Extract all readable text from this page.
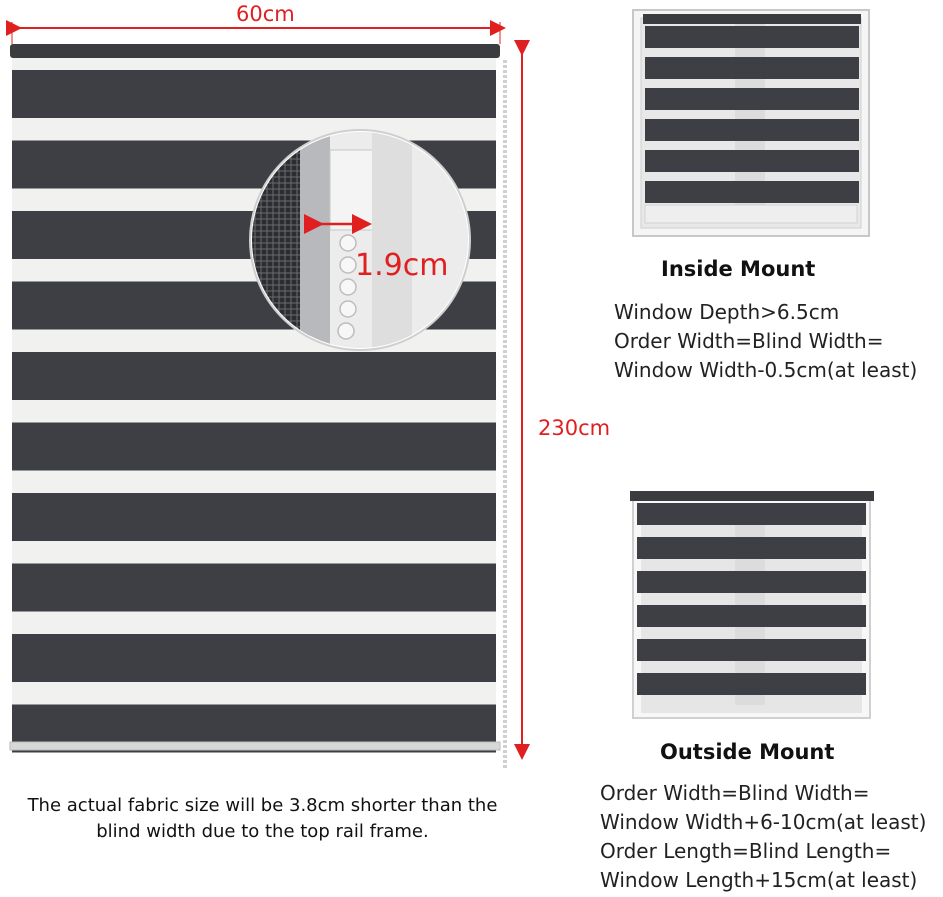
60cm
230cm
1.9cm	Inside Mount
Window Depth>6.5cm
Order Width=Blind Width=
Window Width-0.5cm(at least)
Outside Mount
Order Width=Blind Width=
Window Width+6-10cm(at least)
Order Length=Blind Length=
Window Length+15cm(at least)
The actual fabric size will be 3.8cm shorter than the
blind width due to the top rail frame.
